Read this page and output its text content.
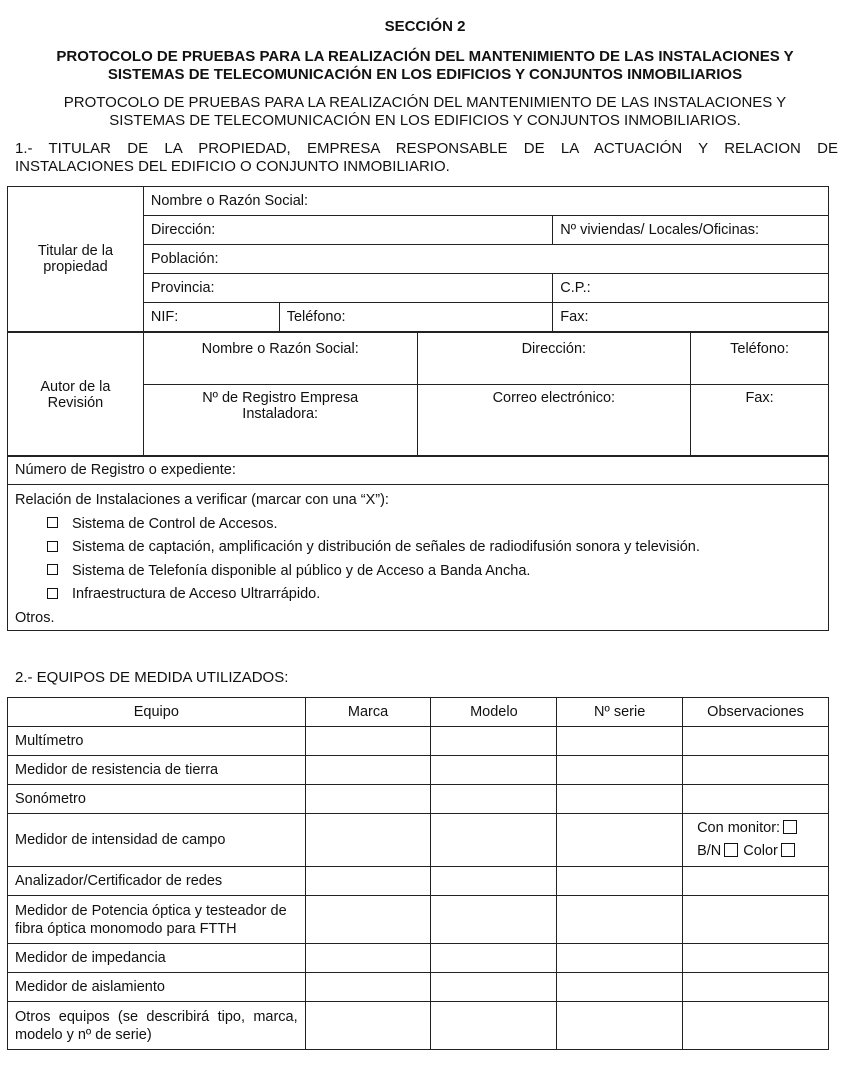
SECCIÓN 2
PROTOCOLO DE PRUEBAS PARA LA REALIZACIÓN DEL MANTENIMIENTO DE LAS INSTALACIONES Y
SISTEMAS DE TELECOMUNICACIÓN EN LOS EDIFICIOS Y CONJUNTOS INMOBILIARIOS
PROTOCOLO DE PRUEBAS PARA LA REALIZACIÓN DEL MANTENIMIENTO DE LAS INSTALACIONES Y
SISTEMAS DE TELECOMUNICACIÓN EN LOS EDIFICIOS Y CONJUNTOS INMOBILIARIOS.
1.- TITULAR DE LA PROPIEDAD, EMPRESA RESPONSABLE DE LA ACTUACIÓN Y RELACION DE
INSTALACIONES DEL EDIFICIO O CONJUNTO INMOBILIARIO.
Titular de la propiedad	Nombre o Razón Social:		
	Dirección:		Nº viviendas/ Locales/Oficinas:
	Población:		
	Provincia:		C.P.:
	NIF:	Teléfono:	Fax:
Autor de la Revisión	Nombre o Razón Social:	Dirección:	Teléfono:
	Nº de Registro Empresa Instaladora:	Correo electrónico:	Fax:
Número de Registro o expediente:

Relación de Instalaciones a verificar (marcar con una “X”):
Sistema de Control de Accesos.
Sistema de captación, amplificación y distribución de señales de radiodifusión sonora y televisión.
Sistema de Telefonía disponible al público y de Acceso a Banda Ancha.
Infraestructura de Acceso Ultrarrápido.
Otros.
2.- EQUIPOS DE MEDIDA UTILIZADOS:
Equipo	Marca	Modelo	Nº serie	Observaciones
Multímetro				
Medidor de resistencia de tierra				
Sonómetro				
Medidor de intensidad de campo				Con monitor:
B/N Color

Analizador/Certificador de redes				
Medidor de Potencia óptica y testeador de fibra óptica monomodo para FTTH				
Medidor de impedancia				
Medidor de aislamiento				
Otros equipos (se describirá tipo, marca, modelo y nº de serie)				
